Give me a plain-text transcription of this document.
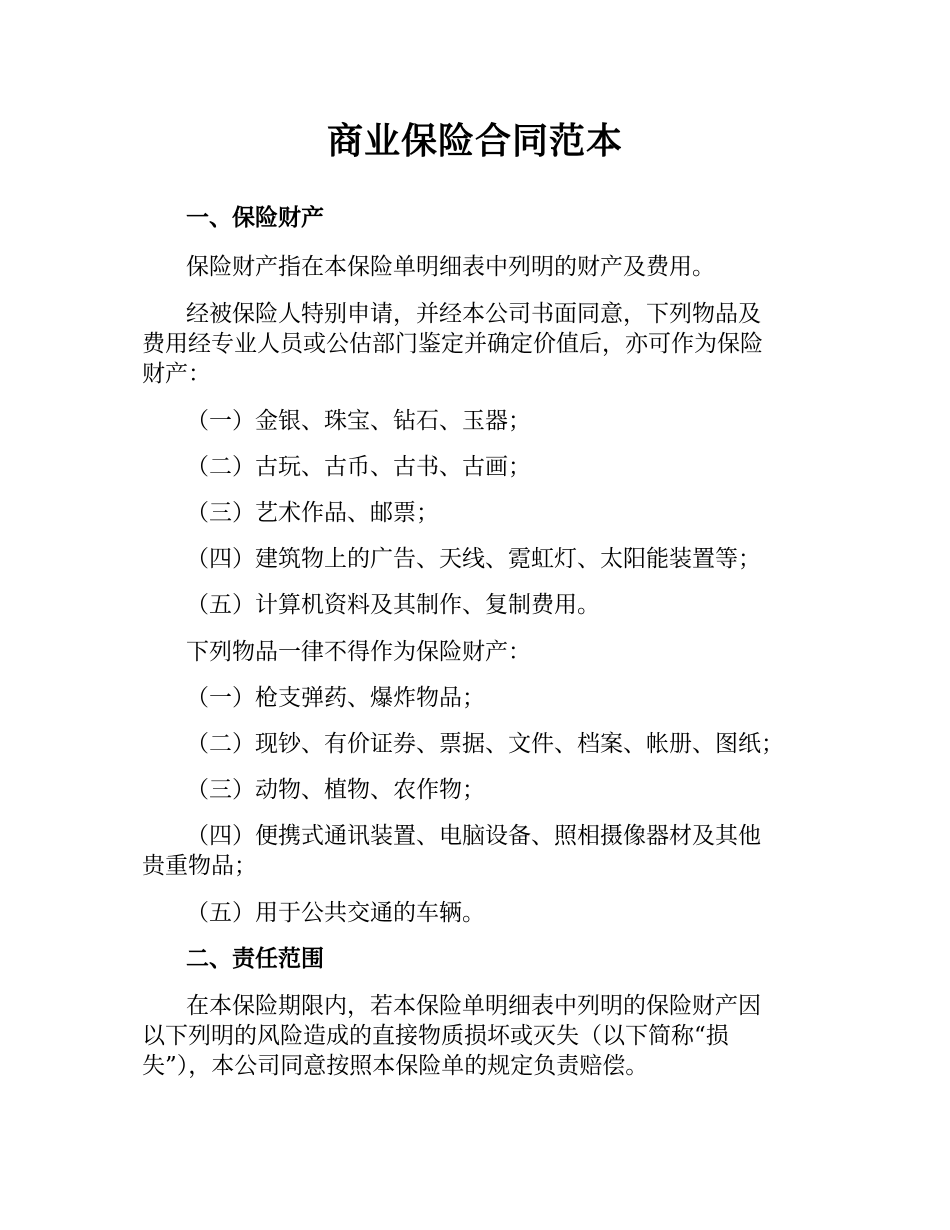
商业保险合同范本
一、保险财产
保险财产指在本保险单明细表中列明的财产及费用。
经被保险人特别申请，并经本公司书面同意，下列物品及
费用经专业人员或公估部门鉴定并确定价值后，亦可作为保险
财产：
（一）金银、珠宝、钻石、玉器；
（二）古玩、古币、古书、古画；
（三）艺术作品、邮票；
（四）建筑物上的广告、天线、霓虹灯、太阳能装置等；
（五）计算机资料及其制作、复制费用。
下列物品一律不得作为保险财产：
（一）枪支弹药、爆炸物品；
（二）现钞、有价证券、票据、文件、档案、帐册、图纸；
（三）动物、植物、农作物；
（四）便携式通讯装置、电脑设备、照相摄像器材及其他
贵重物品；
（五）用于公共交通的车辆。
二、责任范围
在本保险期限内，若本保险单明细表中列明的保险财产因
以下列明的风险造成的直接物质损坏或灭失（以下简称“损
失”），本公司同意按照本保险单的规定负责赔偿。
